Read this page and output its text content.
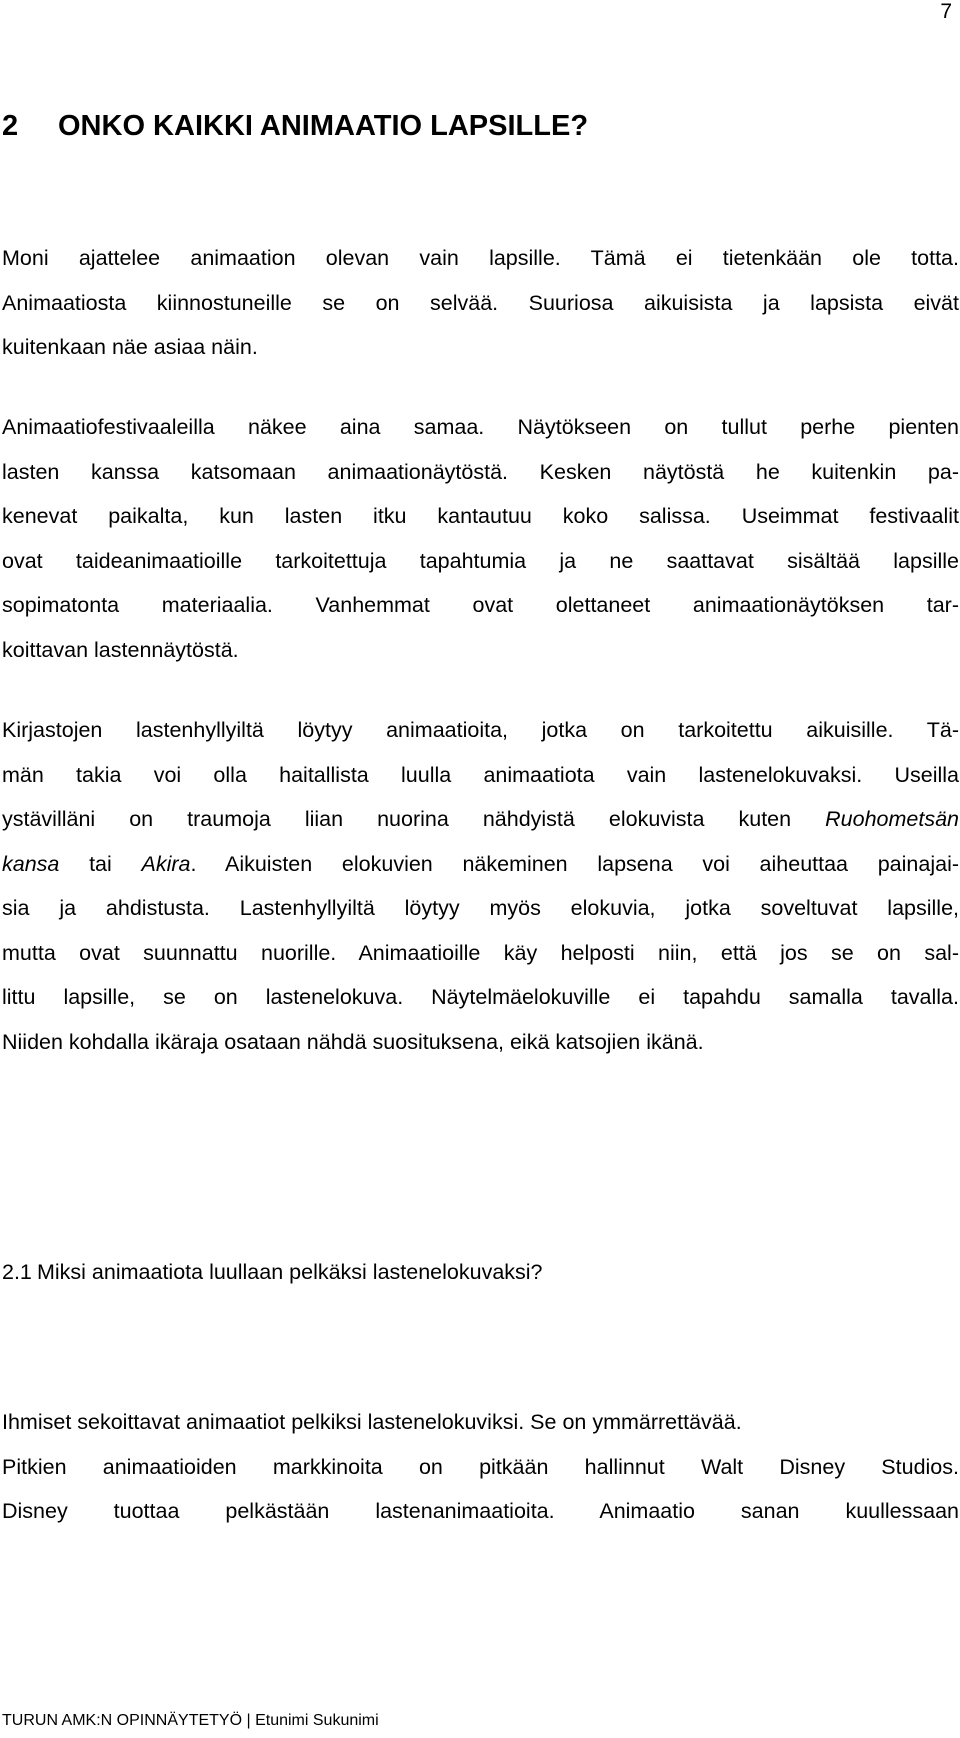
7
2 ONKO KAIKKI ANIMAATIO LAPSILLE?

Moni ajattelee animaation olevan vain lapsille. Tämä ei tietenkään ole totta.
Animaatiosta kiinnostuneille se on selvää. Suuriosa aikuisista ja lapsista eivät
kuitenkaan näe asiaa näin.

Animaatiofestivaaleilla näkee aina samaa. Näytökseen on tullut perhe pienten
lasten kanssa katsomaan animaationäytöstä. Kesken näytöstä he kuitenkin pa-
kenevat paikalta, kun lasten itku kantautuu koko salissa. Useimmat festivaalit
ovat taideanimaatioille tarkoitettuja tapahtumia ja ne saattavat sisältää lapsille
sopimatonta materiaalia. Vanhemmat ovat olettaneet animaationäytöksen tar-
koittavan lastennäytöstä.

Kirjastojen lastenhyllyiltä löytyy animaatioita, jotka on tarkoitettu aikuisille. Tä-
män takia voi olla haitallista luulla animaatiota vain lastenelokuvaksi. Useilla
ystävilläni on traumoja liian nuorina nähdyistä elokuvista kuten Ruohometsän
kansa tai Akira. Aikuisten elokuvien näkeminen lapsena voi aiheuttaa painajai-
sia ja ahdistusta. Lastenhyllyiltä löytyy myös elokuvia, jotka soveltuvat lapsille,
mutta ovat suunnattu nuorille. Animaatioille käy helposti niin, että jos se on sal-
littu lapsille, se on lastenelokuva. Näytelmäelokuville ei tapahdu samalla tavalla.
Niiden kohdalla ikäraja osataan nähdä suosituksena, eikä katsojien ikänä.

2.1 Miksi animaatiota luullaan pelkäksi lastenelokuvaksi?

Ihmiset sekoittavat animaatiot pelkiksi lastenelokuviksi. Se on ymmärrettävää.
Pitkien animaatioiden markkinoita on pitkään hallinnut Walt Disney Studios.
Disney tuottaa pelkästään lastenanimaatioita. Animaatio sanan kuullessaan

TURUN AMK:N OPINNÄYTETYÖ | Etunimi Sukunimi
